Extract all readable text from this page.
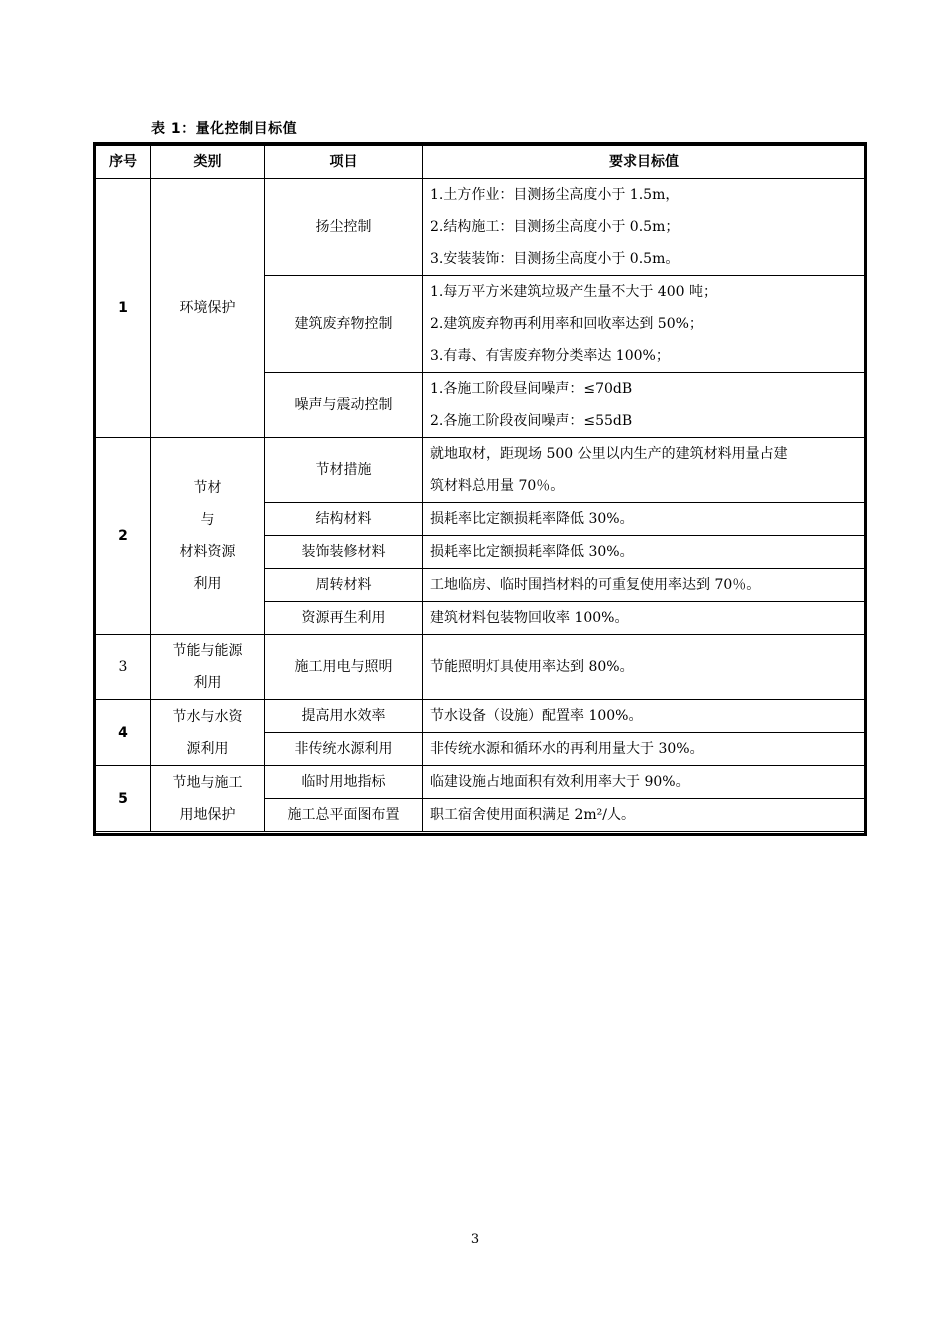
表 1：量化控制目标值
序号	类别	项目	要求目标值
1	环境保护	扬尘控制	1.土方作业：目测扬尘高度小于 1.5m，
2.结构施工：目测扬尘高度小于 0.5m；
3.安装装饰：目测扬尘高度小于 0.5m。

		建筑废弃物控制	1.每万平方米建筑垃圾产生量不大于 400 吨；
2.建筑废弃物再利用率和回收率达到 50%；
3.有毒、有害废弃物分类率达 100%；

		噪声与震动控制	1.各施工阶段昼间噪声：≤70dB
2.各施工阶段夜间噪声：≤55dB

2	节材
与
材料资源
利用	节材措施	就地取材，距现场 500 公里以内生产的建筑材料用量占建
筑材料总用量 70％。

		结构材料	损耗率比定额损耗率降低 30%。
		装饰装修材料	损耗率比定额损耗率降低 30%。
		周转材料	工地临房、临时围挡材料的可重复使用率达到 70％。
		资源再生利用	建筑材料包装物回收率 100%。
3	节能与能源
利用	施工用电与照明	节能照明灯具使用率达到 80%。
4	节水与水资
源利用	提高用水效率	节水设备（设施）配置率 100%。
		非传统水源利用	非传统水源和循环水的再利用量大于 30%。
5	节地与施工
用地保护	临时用地指标	临建设施占地面积有效利用率大于 90%。
		施工总平面图布置	职工宿舍使用面积满足 2m²/人。
3
